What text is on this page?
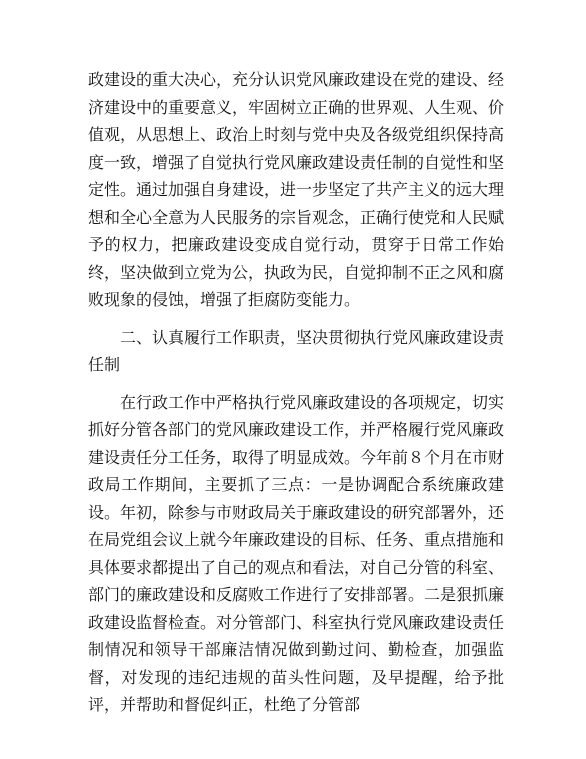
政建设的重大决心，充分认识党风廉政建设在党的建设、经济建设中的重要意义，牢固树立正确的世界观、人生观、价值观，从思想上、政治上时刻与党中央及各级党组织保持高度一致，增强了自觉执行党风廉政建设责任制的自觉性和坚定性。通过加强自身建设，进一步坚定了共产主义的远大理想和全心全意为人民服务的宗旨观念，正确行使党和人民赋予的权力，把廉政建设变成自觉行动，贯穿于日常工作始终，坚决做到立党为公，执政为民，自觉抑制不正之风和腐败现象的侵蚀，增强了拒腐防变能力。

二、认真履行工作职责，坚决贯彻执行党风廉政建设责任制

在行政工作中严格执行党风廉政建设的各项规定，切实抓好分管各部门的党风廉政建设工作，并严格履行党风廉政建设责任分工任务，取得了明显成效。今年前８个月在市财政局工作期间，主要抓了三点：一是协调配合系统廉政建设。年初，除参与市财政局关于廉政建设的研究部署外，还在局党组会议上就今年廉政建设的目标、任务、重点措施和具体要求都提出了自己的观点和看法，对自己分管的科室、部门的廉政建设和反腐败工作进行了安排部署。二是狠抓廉政建设监督检查。对分管部门、科室执行党风廉政建设责任制情况和领导干部廉洁情况做到勤过问、勤检查，加强监督，对发现的违纪违规的苗头性问题，及早提醒，给予批评，并帮助和督促纠正，杜绝了分管部
